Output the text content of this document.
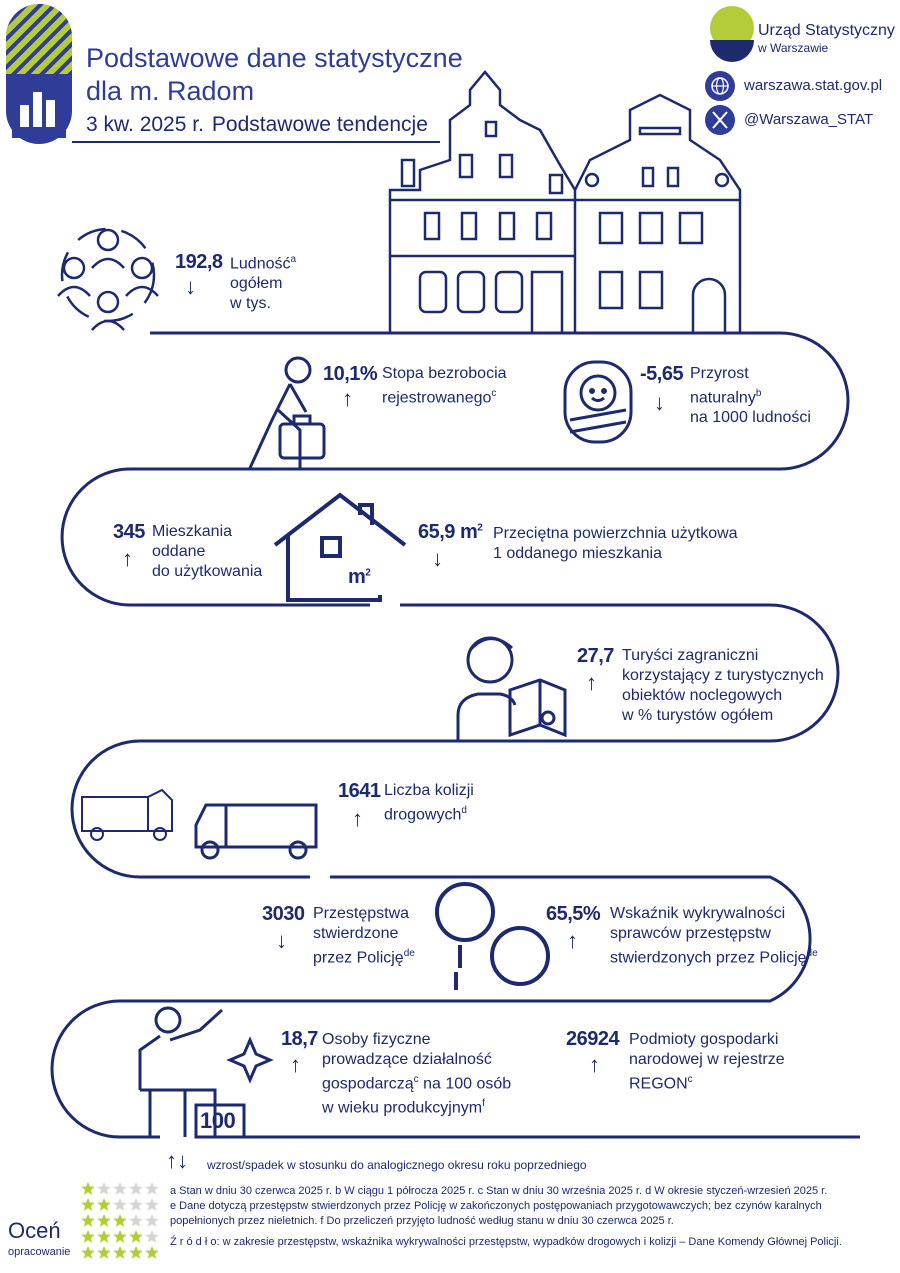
Podstawowe dane statystyczne
dla m. Radom
3 kw. 2025 r. Podstawowe tendencje
Urząd Statystyczny
w Warszawie
warszawa.stat.gov.pl
@Warszawa_STAT
192,8
↓
Ludność$^a$
ogółem
w tys.
10,1%
↑
Stopa bezrobocia
rejestrowanego$^c$
-5,65
↓
Przyrost
naturalny$^b$
na 1000 ludności
345
↑
Mieszkania
oddane
do użytkowania	$m^2$
65,9 $m^2$
↓
Przeciętna powierzchnia użytkowa
1 oddanego mieszkania
27,7
↑
Turyści zagraniczni
korzystający z turystycznych
obiektów noclegowych
w % turystów ogółem
1641
↑
Liczba kolizji
drogowych$^d$
3030
↓
Przestępstwa
stwierdzone
przez Policję$^{de}$
65,5%
↑
Wskaźnik wykrywalności
sprawców przestępstw
stwierdzonych przez Policję$^{de}$
18,7
↑
Osoby fizyczne
prowadzące działalność
gospodarczą$^c$ na 100 osób
w wieku produkcyjnym$^f$
100
26924
↑
Podmioty gospodarki
narodowej w rejestrze
REGON$^c$
↑↓ wzrost/spadek w stosunku do analogicznego okresu roku poprzedniego
a Stan w dniu 30 czerwca 2025 r. b W ciągu 1 półrocza 2025 r. c Stan w dniu 30 września 2025 r. d W okresie styczeń-wrzesień 2025 r.
e Dane dotyczą przestępstw stwierdzonych przez Policję w zakończonych postępowaniach przygotowawczych; bez czynów karalnych
popełnionych przez nieletnich. f Do przeliczeń przyjęto ludność według stanu w dniu 30 czerwca 2025 r.
Ź r ó d ł o: w zakresie przestępstw, wskaźnika wykrywalności przestępstw, wypadków drogowych i kolizji – Dane Komendy Głównej Policji.
Oceń
opracowanie
